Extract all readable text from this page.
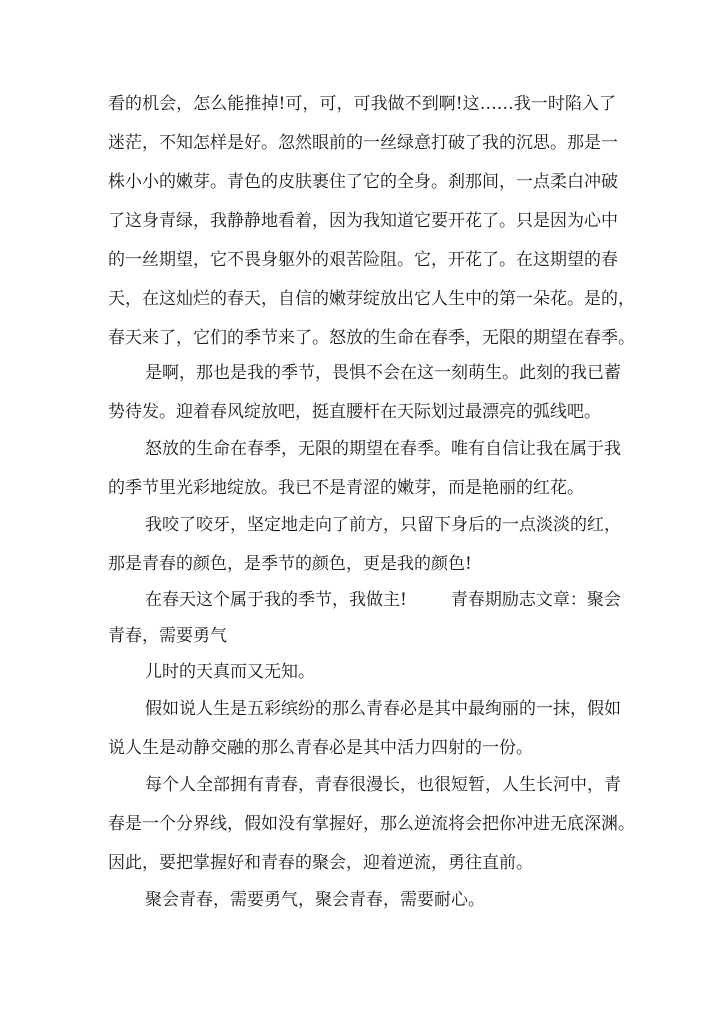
看的机会，怎么能推掉!可，可，可我做不到啊!这……我一时陷入了
迷茫，不知怎样是好。忽然眼前的一丝绿意打破了我的沉思。那是一
株小小的嫩芽。青色的皮肤裹住了它的全身。刹那间，一点柔白冲破
了这身青绿，我静静地看着，因为我知道它要开花了。只是因为心中
的一丝期望，它不畏身躯外的艰苦险阻。它，开花了。在这期望的春
天，在这灿烂的春天，自信的嫩芽绽放出它人生中的第一朵花。是的，
春天来了，它们的季节来了。怒放的生命在春季，无限的期望在春季。
是啊，那也是我的季节，畏惧不会在这一刻萌生。此刻的我已蓄
势待发。迎着春风绽放吧，挺直腰杆在天际划过最漂亮的弧线吧。
怒放的生命在春季，无限的期望在春季。唯有自信让我在属于我
的季节里光彩地绽放。我已不是青涩的嫩芽，而是艳丽的红花。
我咬了咬牙，坚定地走向了前方，只留下身后的一点淡淡的红，
那是青春的颜色，是季节的颜色，更是我的颜色!
在春天这个属于我的季节，我做主!	青春期励志文章：聚会
青春，需要勇气
儿时的天真而又无知。
假如说人生是五彩缤纷的那么青春必是其中最绚丽的一抹，假如
说人生是动静交融的那么青春必是其中活力四射的一份。
每个人全部拥有青春，青春很漫长，也很短暂，人生长河中，青
春是一个分界线，假如没有掌握好，那么逆流将会把你冲进无底深渊。
因此，要把掌握好和青春的聚会，迎着逆流，勇往直前。
聚会青春，需要勇气，聚会青春，需要耐心。
